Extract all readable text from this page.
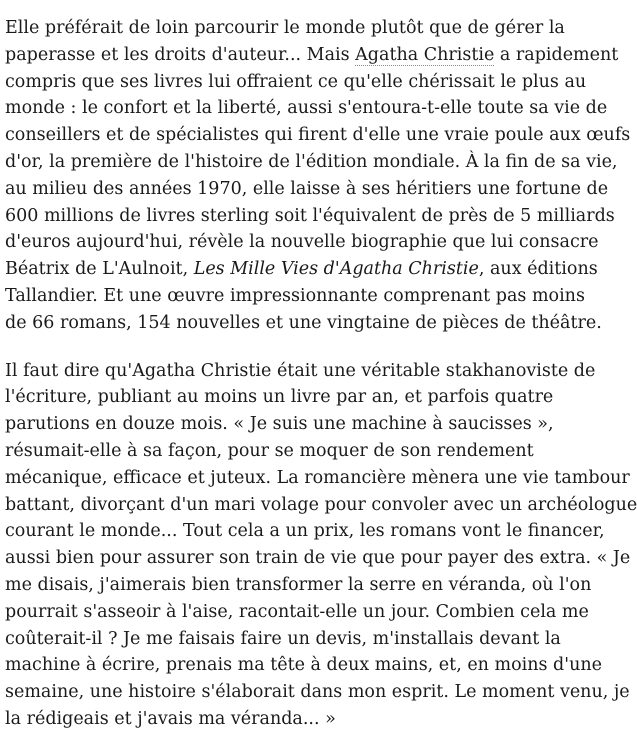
Elle préférait de loin parcourir le monde plutôt que de gérer la
paperasse et les droits d'auteur... Mais Agatha Christie a rapidement
compris que ses livres lui offraient ce qu'elle chérissait le plus au
monde : le confort et la liberté, aussi s'entoura-t-elle toute sa vie de
conseillers et de spécialistes qui firent d'elle une vraie poule aux œufs
d'or, la première de l'histoire de l'édition mondiale. À la fin de sa vie,
au milieu des années 1970, elle laisse à ses héritiers une fortune de
600 millions de livres sterling soit l'équivalent de près de 5 milliards
d'euros aujourd'hui, révèle la nouvelle biographie que lui consacre
Béatrix de L'Aulnoit, Les Mille Vies d'Agatha Christie, aux éditions
Tallandier. Et une œuvre impressionnante comprenant pas moins
de 66 romans, 154 nouvelles et une vingtaine de pièces de théâtre.

Il faut dire qu'Agatha Christie était une véritable stakhanoviste de
l'écriture, publiant au moins un livre par an, et parfois quatre
parutions en douze mois. « Je suis une machine à saucisses »,
résumait-elle à sa façon, pour se moquer de son rendement
mécanique, efficace et juteux. La romancière mènera une vie tambour
battant, divorçant d'un mari volage pour convoler avec un archéologue
courant le monde... Tout cela a un prix, les romans vont le financer,
aussi bien pour assurer son train de vie que pour payer des extra. « Je
me disais, j'aimerais bien transformer la serre en véranda, où l'on
pourrait s'asseoir à l'aise, racontait-elle un jour. Combien cela me
coûterait-il ? Je me faisais faire un devis, m'installais devant la
machine à écrire, prenais ma tête à deux mains, et, en moins d'une
semaine, une histoire s'élaborait dans mon esprit. Le moment venu, je
la rédigeais et j'avais ma véranda... »
